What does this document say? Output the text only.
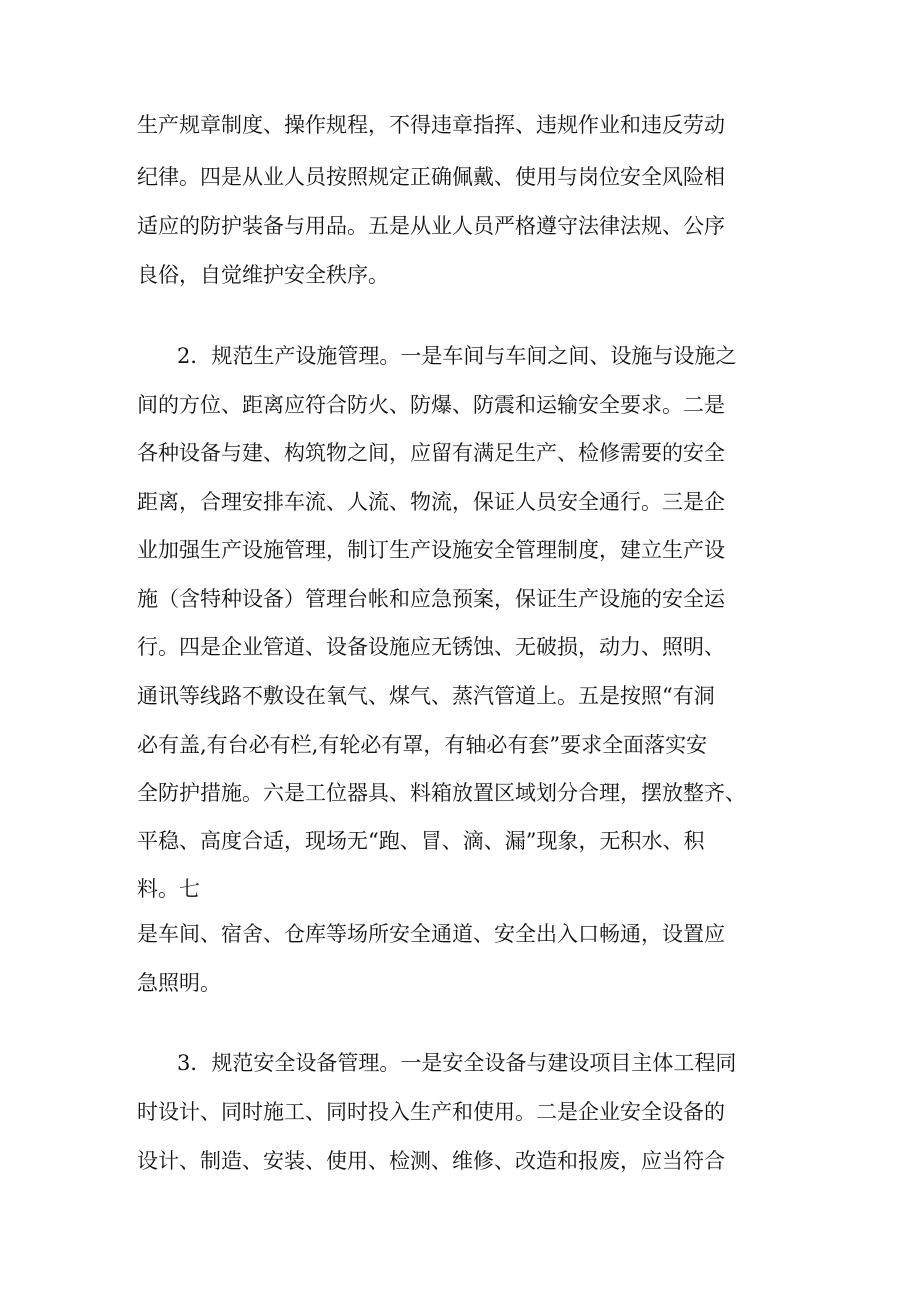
生产规章制度、操作规程，不得违章指挥、违规作业和违反劳动

纪律。四是从业人员按照规定正确佩戴、使用与岗位安全风险相

适应的防护装备与用品。五是从业人员严格遵守法律法规、公序

良俗，自觉维护安全秩序。

2．规范生产设施管理。一是车间与车间之间、设施与设施之

间的方位、距离应符合防火、防爆、防震和运输安全要求。二是

各种设备与建、构筑物之间，应留有满足生产、检修需要的安全

距离，合理安排车流、人流、物流，保证人员安全通行。三是企

业加强生产设施管理，制订生产设施安全管理制度，建立生产设

施（含特种设备）管理台帐和应急预案，保证生产设施的安全运

行。四是企业管道、设备设施应无锈蚀、无破损，动力、照明、

通讯等线路不敷设在氧气、煤气、蒸汽管道上。五是按照“有洞

必有盖,有台必有栏,有轮必有罩，有轴必有套”要求全面落实安

全防护措施。六是工位器具、料箱放置区域划分合理，摆放整齐、

平稳、高度合适，现场无“跑、冒、滴、漏”现象，无积水、积

料。七

是车间、宿舍、仓库等场所安全通道、安全出入口畅通，设置应

急照明。

3．规范安全设备管理。一是安全设备与建设项目主体工程同

时设计、同时施工、同时投入生产和使用。二是企业安全设备的

设计、制造、安装、使用、检测、维修、改造和报废，应当符合
